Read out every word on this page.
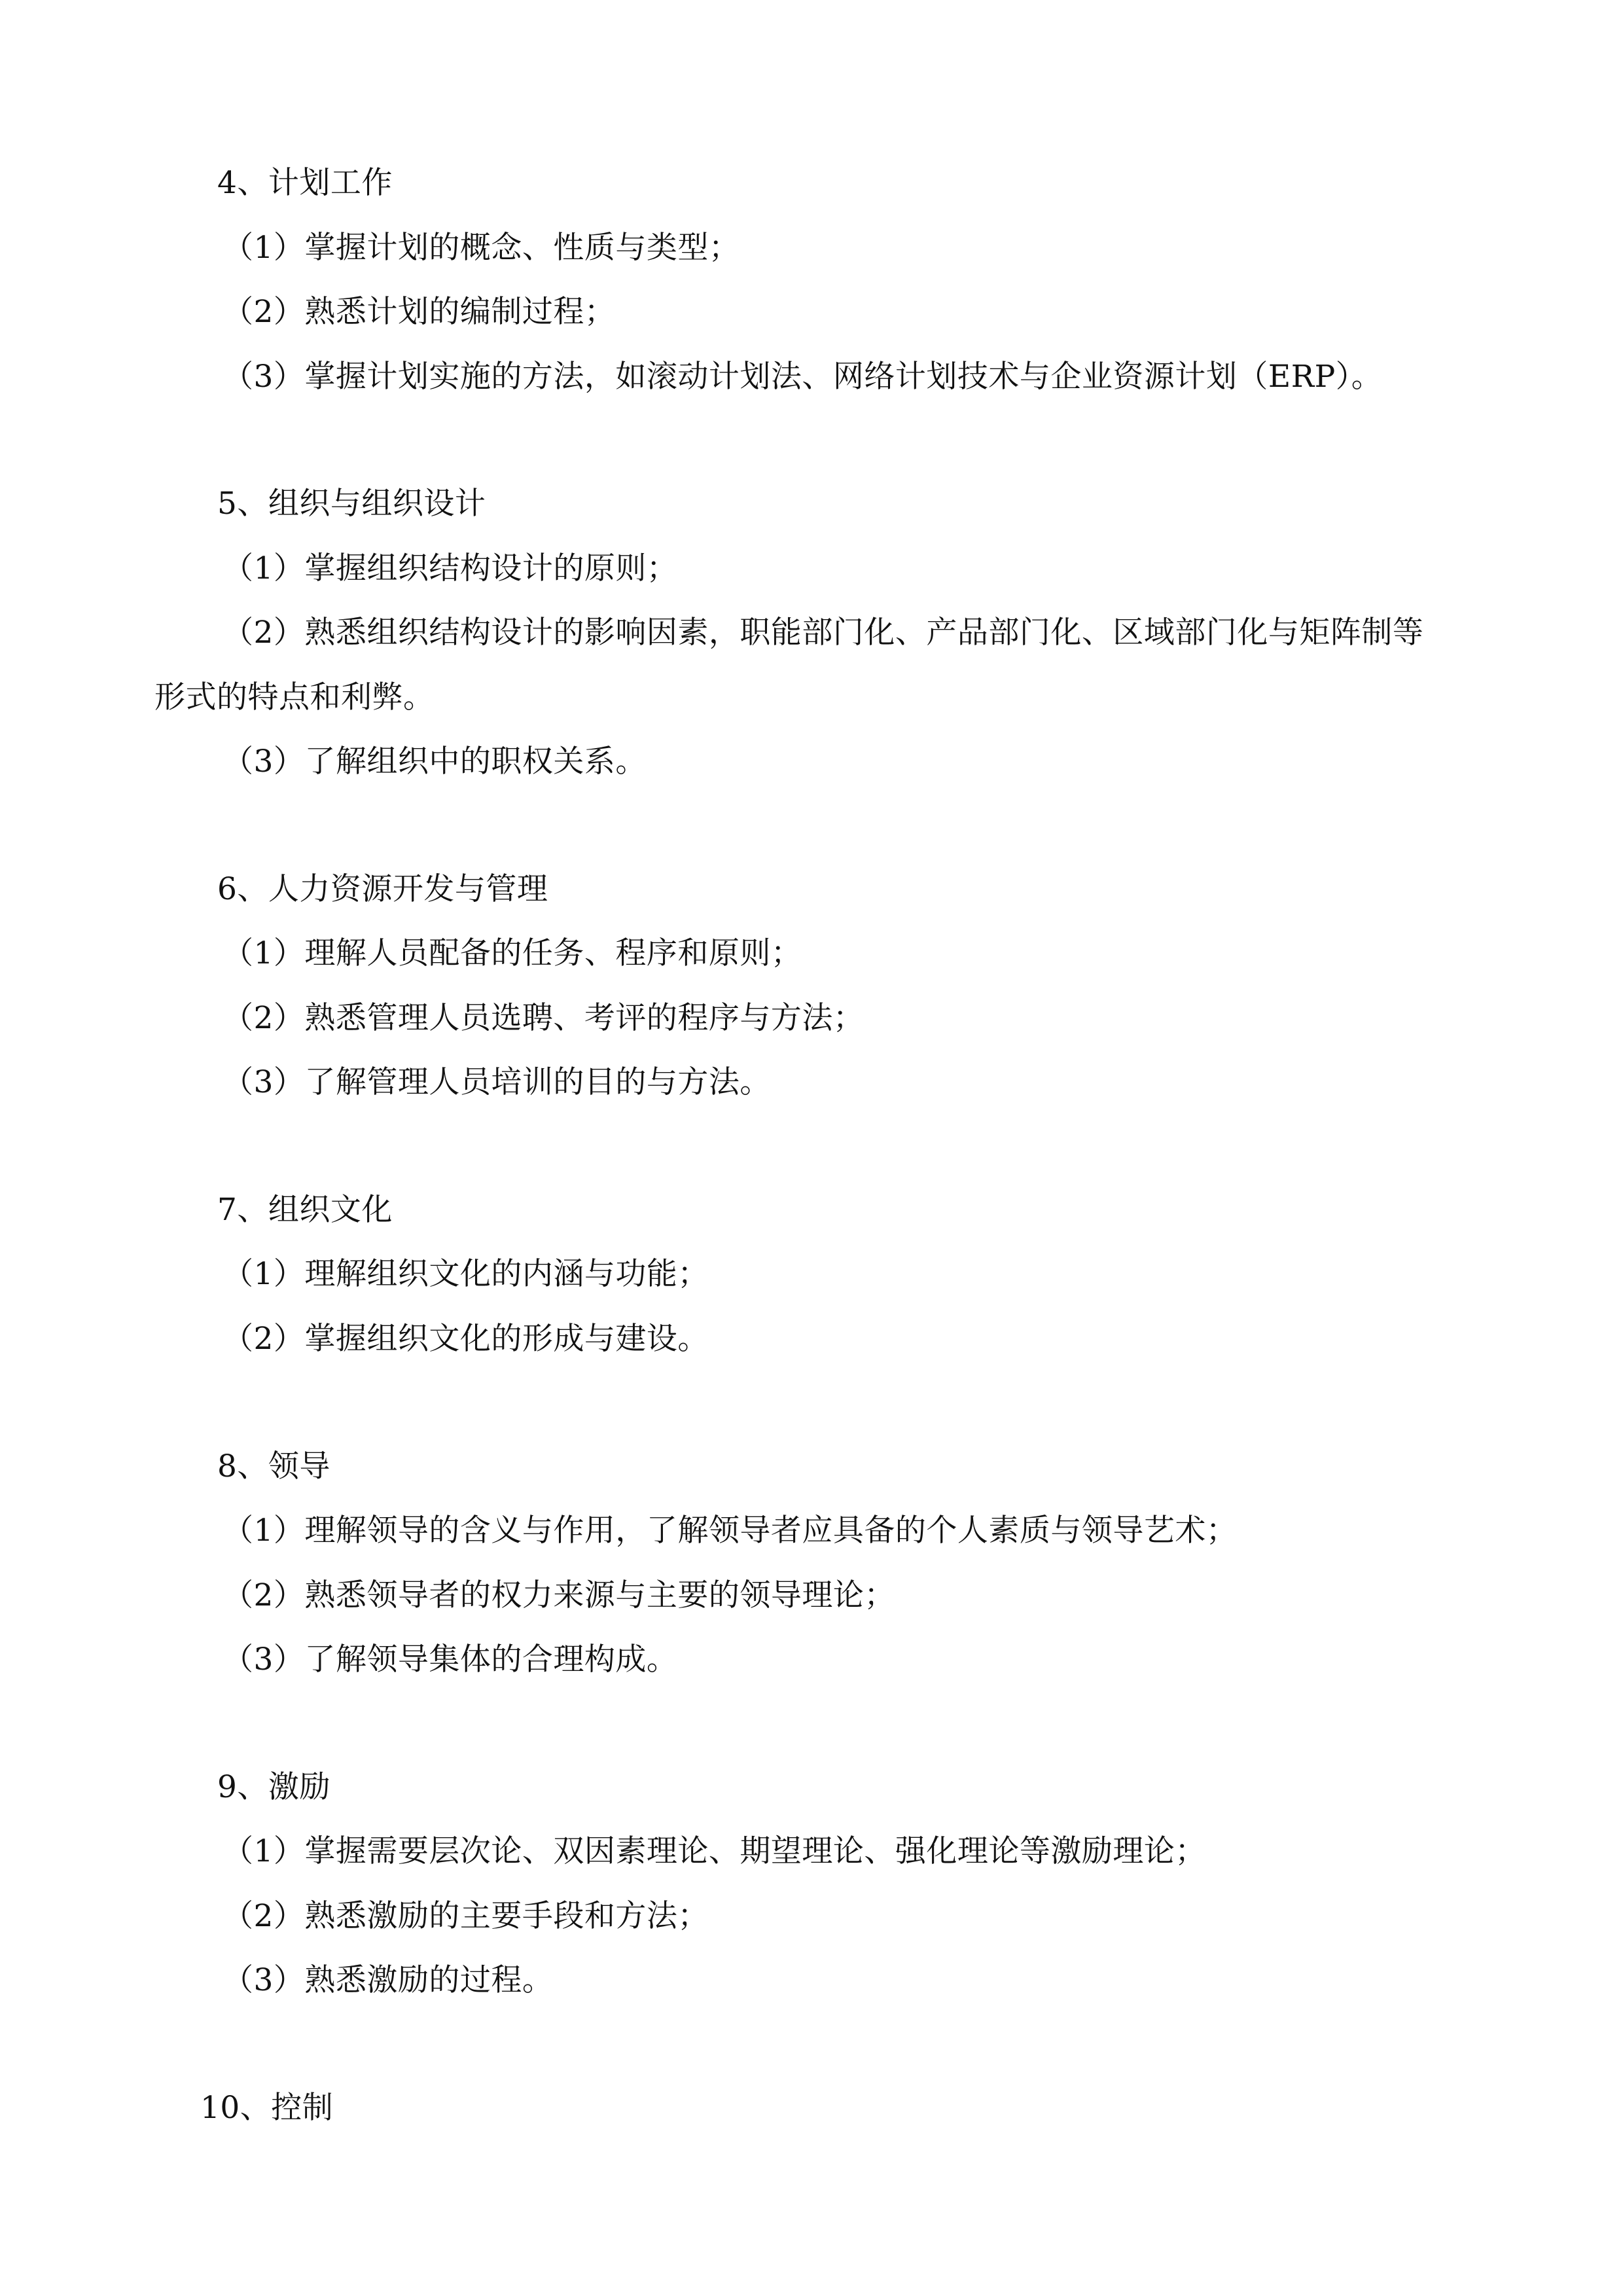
4、计划工作
（1）掌握计划的概念、性质与类型；
（2）熟悉计划的编制过程；
（3）掌握计划实施的方法，如滚动计划法、网络计划技术与企业资源计划（ERP）。
5、组织与组织设计
（1）掌握组织结构设计的原则；
（2）熟悉组织结构设计的影响因素，职能部门化、产品部门化、区域部门化与矩阵制等
形式的特点和利弊。
（3）了解组织中的职权关系。
6、人力资源开发与管理
（1）理解人员配备的任务、程序和原则；
（2）熟悉管理人员选聘、考评的程序与方法；
（3）了解管理人员培训的目的与方法。
7、组织文化
（1）理解组织文化的内涵与功能；
（2）掌握组织文化的形成与建设。
8、领导
（1）理解领导的含义与作用，了解领导者应具备的个人素质与领导艺术；
（2）熟悉领导者的权力来源与主要的领导理论；
（3）了解领导集体的合理构成。
9、激励
（1）掌握需要层次论、双因素理论、期望理论、强化理论等激励理论；
（2）熟悉激励的主要手段和方法；
（3）熟悉激励的过程。
10、控制
